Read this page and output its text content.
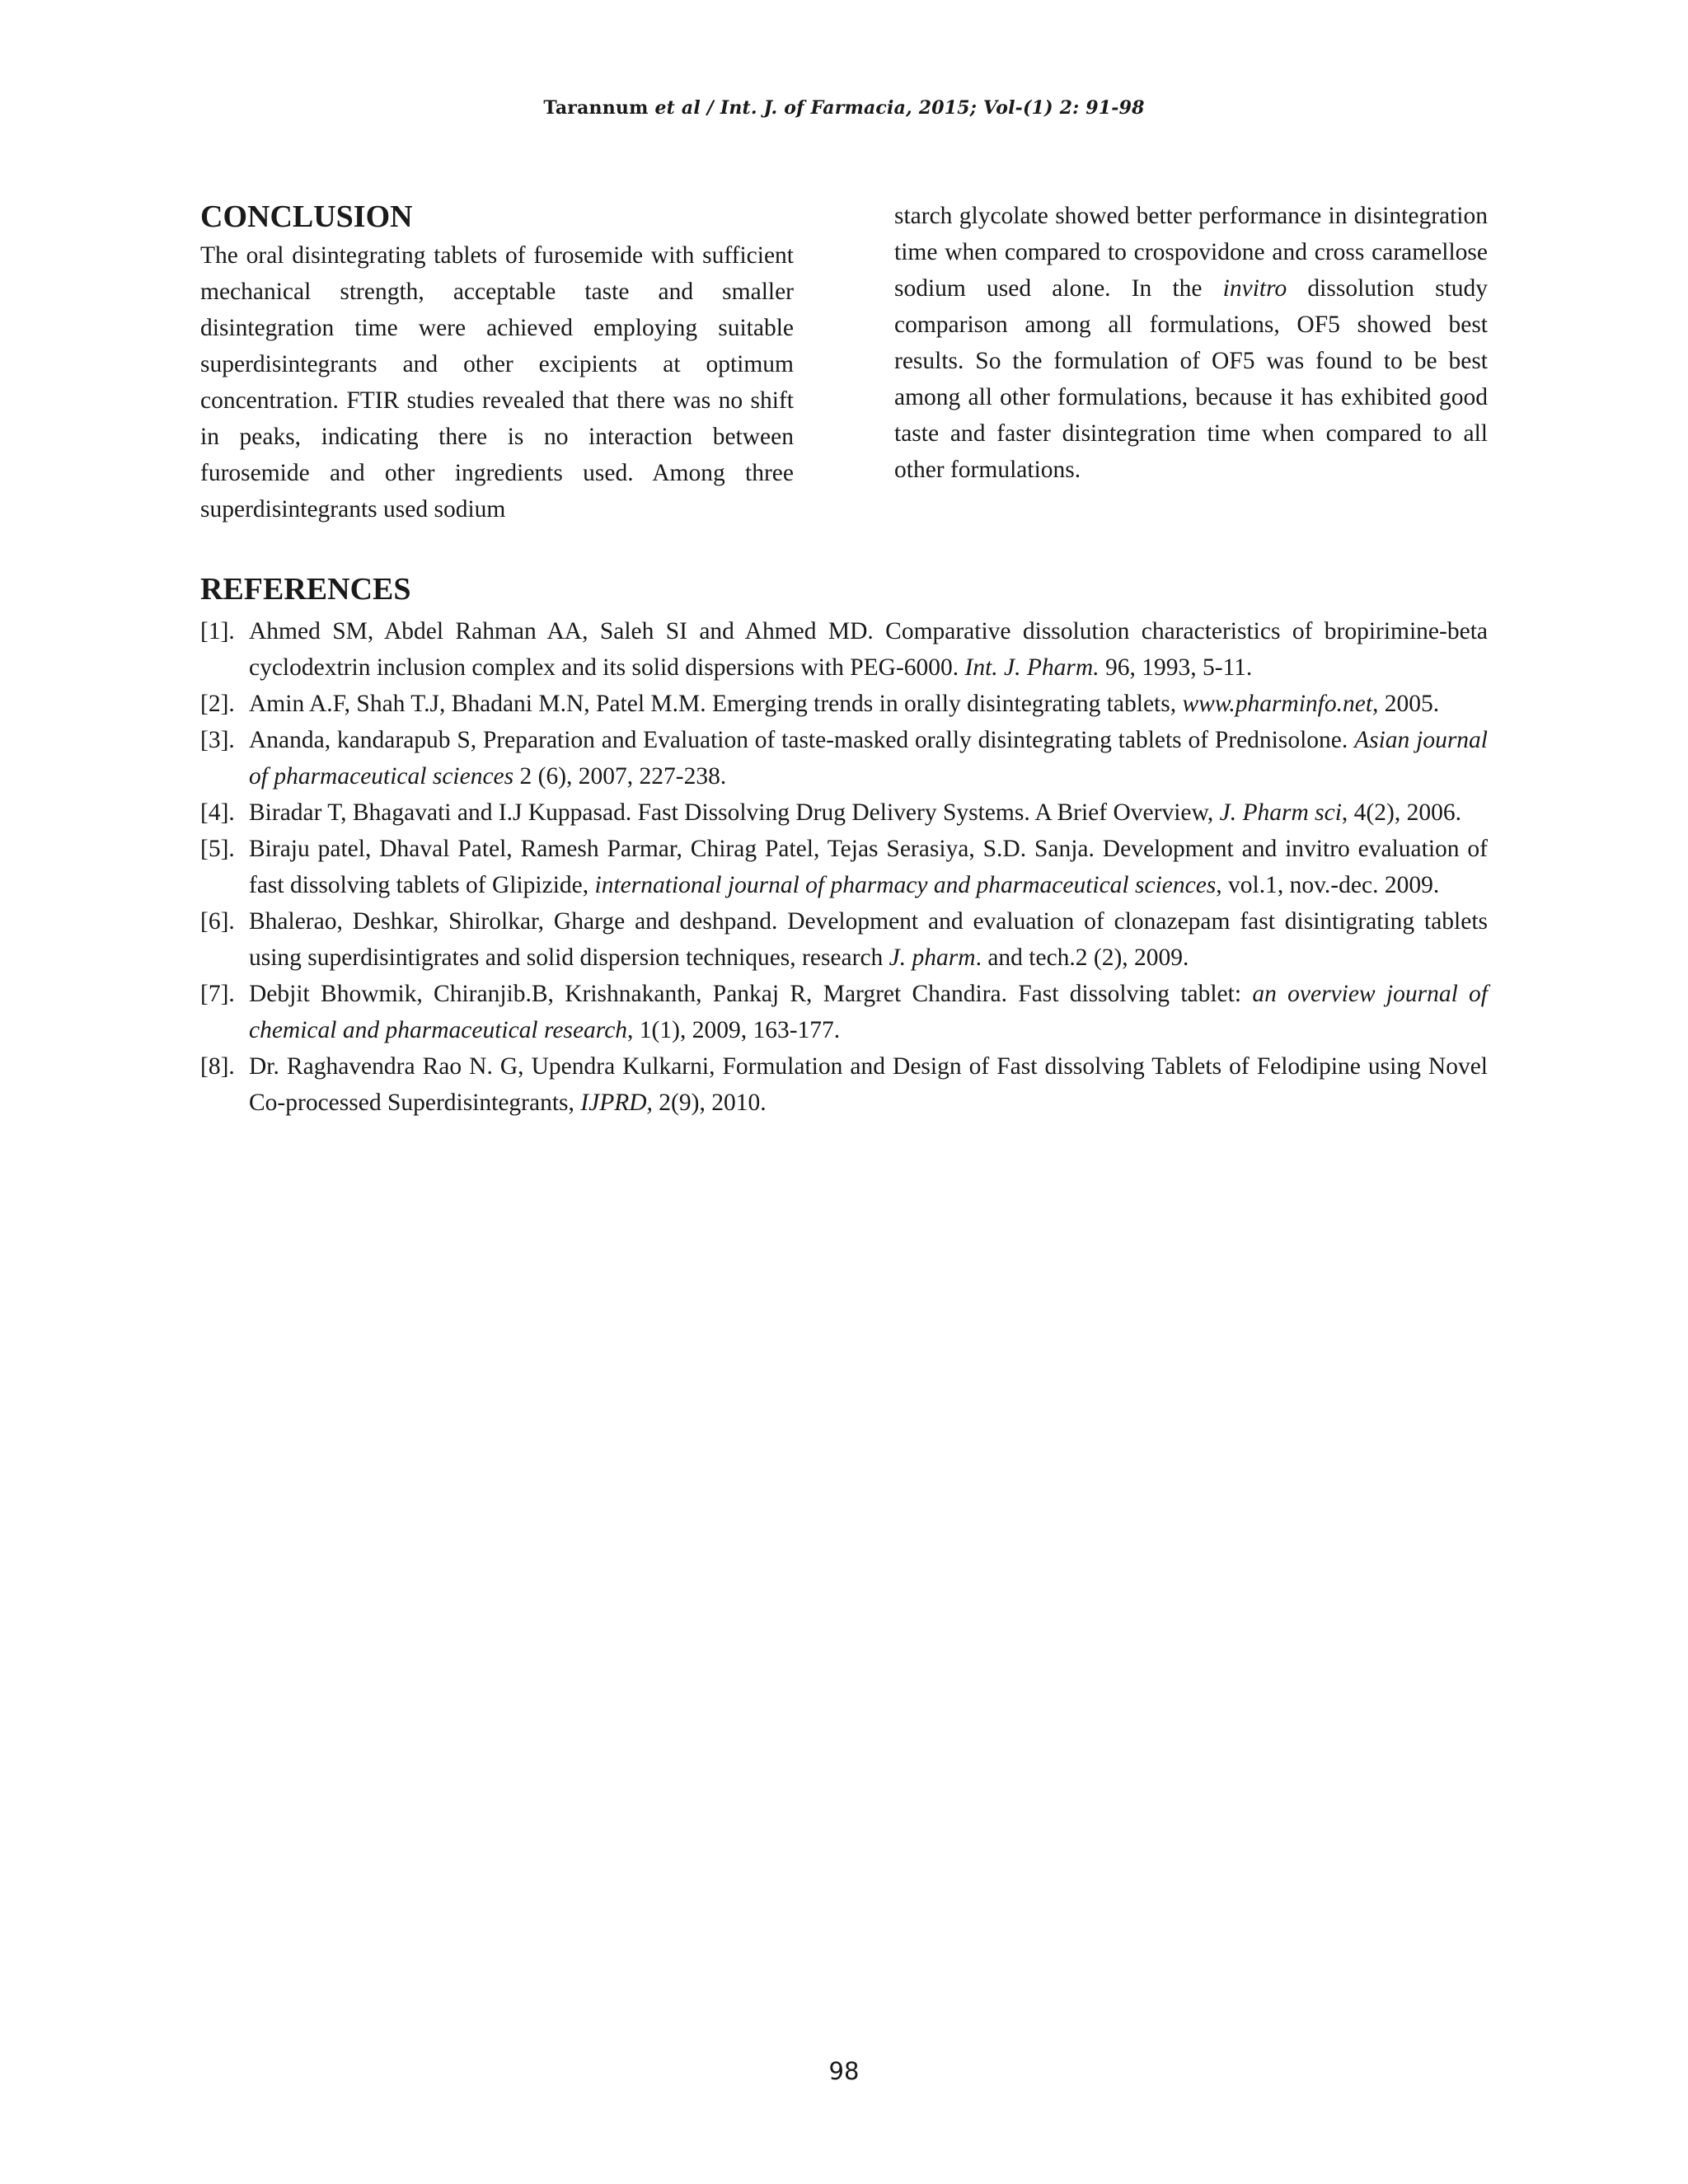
Tarannum et al / Int. J. of Farmacia, 2015; Vol-(1) 2: 91-98
CONCLUSION

The oral disintegrating tablets of furosemide with sufficient mechanical strength, acceptable taste and smaller disintegration time were achieved employing suitable superdisintegrants and other excipients at optimum concentration. FTIR studies revealed that there was no shift in peaks, indicating there is no interaction between furosemide and other ingredients used. Among three superdisintegrants used sodium

starch glycolate showed better performance in disintegration time when compared to crospovidone and cross caramellose sodium used alone. In the invitro dissolution study comparison among all formulations, OF5 showed best results. So the formulation of OF5 was found to be best among all other formulations, because it has exhibited good taste and faster disintegration time when compared to all other formulations.

REFERENCES
[1]. Ahmed SM, Abdel Rahman AA, Saleh SI and Ahmed MD. Comparative dissolution characteristics of bropirimine-beta cyclodextrin inclusion complex and its solid dispersions with PEG-6000. Int. J. Pharm. 96, 1993, 5-11.
[2]. Amin A.F, Shah T.J, Bhadani M.N, Patel M.M. Emerging trends in orally disintegrating tablets, www.pharminfo.net, 2005.
[3]. Ananda, kandarapub S, Preparation and Evaluation of taste-masked orally disintegrating tablets of Prednisolone. Asian journal of pharmaceutical sciences 2 (6), 2007, 227-238.
[4]. Biradar T, Bhagavati and I.J Kuppasad. Fast Dissolving Drug Delivery Systems. A Brief Overview, J. Pharm sci, 4(2), 2006.
[5]. Biraju patel, Dhaval Patel, Ramesh Parmar, Chirag Patel, Tejas Serasiya, S.D. Sanja. Development and invitro evaluation of fast dissolving tablets of Glipizide, international journal of pharmacy and pharmaceutical sciences, vol.1, nov.-dec. 2009.
[6]. Bhalerao, Deshkar, Shirolkar, Gharge and deshpand. Development and evaluation of clonazepam fast disintigrating tablets using superdisintigrates and solid dispersion techniques, research J. pharm. and tech.2 (2), 2009.
[7]. Debjit Bhowmik, Chiranjib.B, Krishnakanth, Pankaj R, Margret Chandira. Fast dissolving tablet: an overview journal of chemical and pharmaceutical research, 1(1), 2009, 163-177.
[8]. Dr. Raghavendra Rao N. G, Upendra Kulkarni, Formulation and Design of Fast dissolving Tablets of Felodipine using Novel Co-processed Superdisintegrants, IJPRD, 2(9), 2010.
98
